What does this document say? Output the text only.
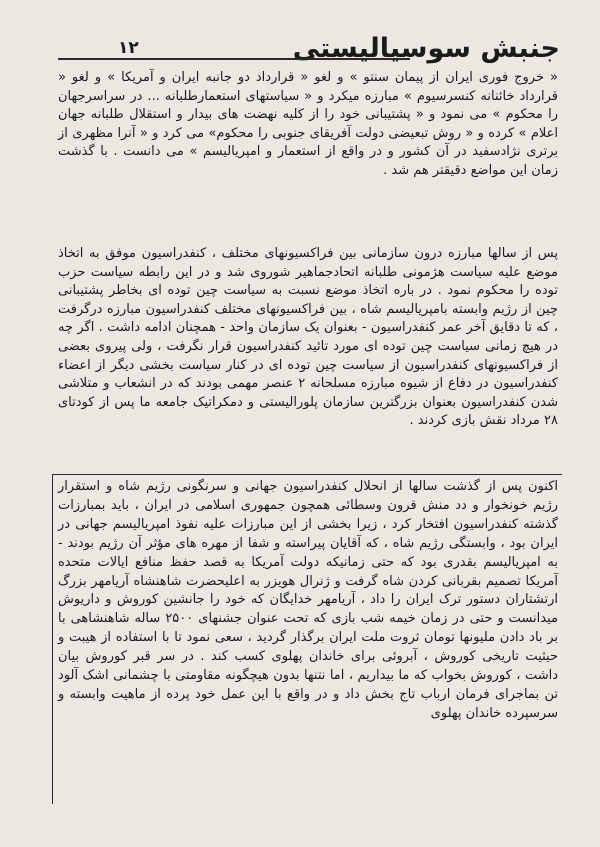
جنبش سوسیالیستی
۱۲

« خروج فوری ایران از پیمان سنتو » و لغو « قرارداد دو جانبه ایران و آمریکا » و لغو « قرارداد خائنانه کنسرسیوم » مبارزه میکرد و « سیاستهای استعمارطلبانه ... در سراسرجهان را محکوم » می نمود و « پشتیبانی خود را از کلیه نهضت های بیدار و استقلال طلبانه جهان اعلام » کرده و « روش تبعیضی دولت آفریقای جنوبی را محکوم» می کرد و « آنرا مظهری از برتری نژادسفید در آن کشور و در واقع از استعمار و امپریالیسم » می دانست . با گذشت زمان این مواضع دقیقتر هم شد .

پس از سالها مبارزه درون سازمانی بین فراکسیونهای مختلف ، کنفدراسیون موفق به اتخاذ موضع علیه سیاست هژمونی طلبانه اتحادجماهیر شوروی شد و در این رابطه سیاست حزب توده را محکوم نمود . در باره اتخاذ موضع نسبت به سیاست چین توده ای بخاطر پشتیبانی چین از رژیم وابسته بامپریالیسم شاه ، بین فراکسیونهای مختلف کنفدراسیون مبارزه درگرفت ، که تا دقایق آخر عمر کنفدراسیون - بعنوان یک سازمان واحد - همچنان ادامه داشت . اگر چه در هیچ زمانی سیاست چین توده ای مورد تائید کنفدراسیون قرار نگرفت ، ولی پیروی بعضی از فراکسیونهای کنفدراسیون از سیاست چین توده ای در کنار سیاست بخشی دیگر از اعضاء کنفدراسیون در دفاع از شیوه مبارزه مسلحانه ۲ عنصر مهمی بودند که در انشعاب و متلاشی شدن کنفدراسیون بعنوان بزرگترین سازمان پلورالیستی و دمکراتیک جامعه ما پس از کودتای ۲۸ مرداد نقش بازی کردند .

اکنون پس از گذشت سالها از انحلال کنفدراسیون جهانی و سرنگونی رژیم شاه و استقرار رژیم خونخوار و دد منش قرون وسطائی همچون جمهوری اسلامی در ایران ، باید بمبارزات گذشته کنفدراسیون افتخار کرد ، زیرا بخشی از این مبارزات علیه نفوذ امپریالیسم جهانی در ایران بود ، وابستگی رژیم شاه ، که آقایان پیراسته و شفا از مهره های مؤثر آن رژیم بودند - به امپریالیسم بقدری بود که حتی زمانیکه دولت آمریکا به قصد حفظ منافع ایالات متحده آمریکا تصمیم بقربانی کردن شاه گرفت و ژنرال هویزر به اعلیحضرت شاهنشاه آریامهر بزرگ ارتشتاران دستور ترک ایران را داد ، آریامهر خدایگان که خود را جانشین کوروش و داریوش میدانست و حتی در زمان خیمه شب بازی که تحت عنوان جشنهای ۲۵۰۰ ساله شاهنشاهی با بر باد دادن ملیونها تومان ثروت ملت ایران برگذار گردید ، سعی نمود تا با استفاده از هیبت و حیثیت تاریخی کوروش ، آبروئی برای خاندان پهلوی کسب کند . در سر قبر کوروش بیان داشت ، کوروش بخواب که ما بیداریم ، اما نتنها بدون هیچگونه مقاومتی با چشمانی اشک آلود تن بماجرای فرمان ارباب تاج بخش داد و در واقع با این عمل خود پرده از ماهیت وابسته و سرسپرده خاندان پهلوی
